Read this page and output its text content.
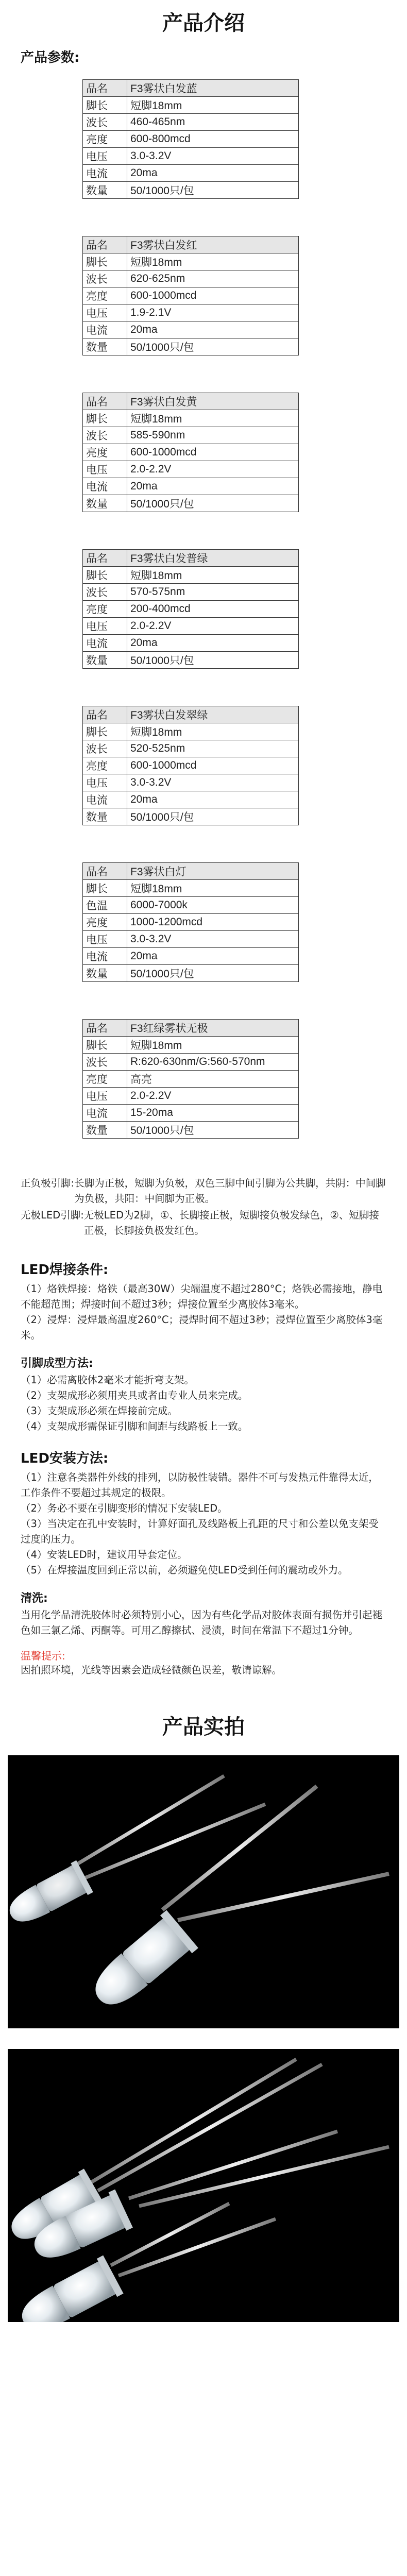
产品介绍
产品参数:
品名	F3雾状白发蓝
脚长	短脚18mm
波长	460-465nm
亮度	600-800mcd
电压	3.0-3.2V
电流	20ma
数量	50/1000只/包
品名	F3雾状白发红
脚长	短脚18mm
波长	620-625nm
亮度	600-1000mcd
电压	1.9-2.1V
电流	20ma
数量	50/1000只/包
品名	F3雾状白发黄
脚长	短脚18mm
波长	585-590nm
亮度	600-1000mcd
电压	2.0-2.2V
电流	20ma
数量	50/1000只/包
品名	F3雾状白发普绿
脚长	短脚18mm
波长	570-575nm
亮度	200-400mcd
电压	2.0-2.2V
电流	20ma
数量	50/1000只/包
品名	F3雾状白发翠绿
脚长	短脚18mm
波长	520-525nm
亮度	600-1000mcd
电压	3.0-3.2V
电流	20ma
数量	50/1000只/包
品名	F3雾状白灯
脚长	短脚18mm
色温	6000-7000k
亮度	1000-1200mcd
电压	3.0-3.2V
电流	20ma
数量	50/1000只/包
品名	F3红绿雾状无极
脚长	短脚18mm
波长	R:620-630nm/G:560-570nm
亮度	高亮
电压	2.0-2.2V
电流	15-20ma
数量	50/1000只/包
正负极引脚: 长脚为正极，短脚为负极，双色三脚中间引脚为公共脚，共阴：中间脚为负极，共阳：中间脚为正极。
无极LED引脚: 无极LED为2脚，①、长脚接正极，短脚接负极发绿色，②、短脚接正极，长脚接负极发红色。
LED焊接条件:

（1）烙铁焊接：烙铁（最高30W）尖端温度不超过280°C；烙铁必需接地，静电不能超范围；焊接时间不超过3秒；焊接位置至少离胶体3毫米。

（2）浸焊：浸焊最高温度260°C；浸焊时间不超过3秒；浸焊位置至少离胶体3毫米。

引脚成型方法:

（1）必需离胶体2毫米才能折弯支架。

（2）支架成形必须用夹具或者由专业人员来完成。

（3）支架成形必须在焊接前完成。

（4）支架成形需保证引脚和间距与线路板上一致。

LED安装方法:

（1）注意各类器件外线的排列，以防极性装错。器件不可与发热元件靠得太近，工作条件不要超过其规定的极限。

（2）务必不要在引脚变形的情况下安装LED。

（3）当决定在孔中安装时，计算好面孔及线路板上孔距的尺寸和公差以免支架受过度的压力。

（4）安装LED时，建议用导套定位。

（5）在焊接温度回到正常以前，必须避免使LED受到任何的震动或外力。

清洗:
当用化学品清洗胶体时必须特别小心，因为有些化学品对胶体表面有损伤并引起褪色如三氯乙烯、丙酮等。可用乙醇擦拭、浸渍，时间在常温下不超过1分钟。
温馨提示:
因拍照环境，光线等因素会造成轻微颜色误差，敬请谅解。
产品实拍
